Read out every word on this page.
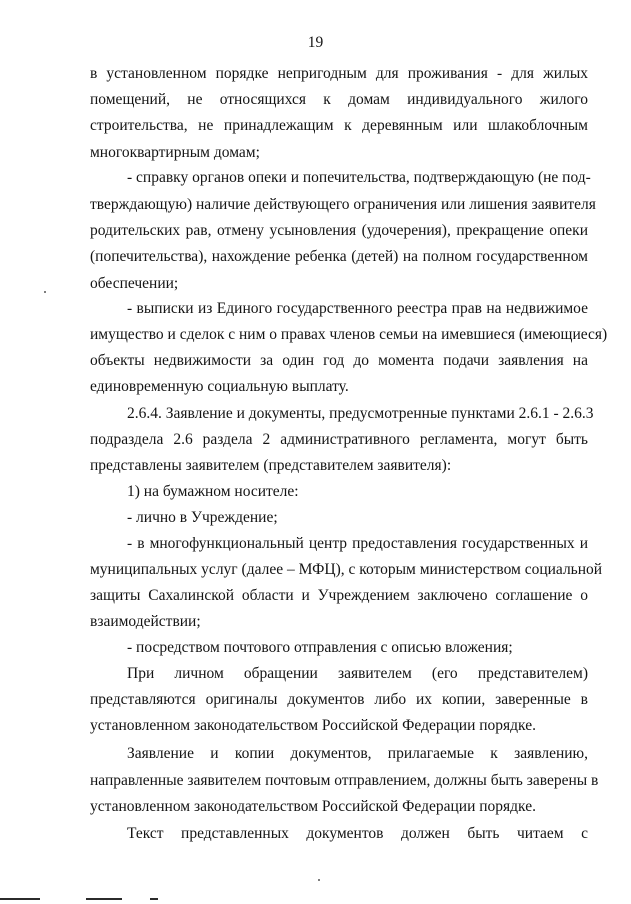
19
в установленном порядке непригодным для проживания - для жилых
помещений, не относящихся к домам индивидуального жилого
строительства, не принадлежащим к деревянным или шлакоблочным
многоквартирным домам;
- справку органов опеки и попечительства, подтверждающую (не под-
тверждающую) наличие действующего ограничения или лишения заявителя
родительских рав, отмену усыновления (удочерения), прекращение опеки
(попечительства), нахождение ребенка (детей) на полном государственном
обеспечении;
- выписки из Единого государственного реестра прав на недвижимое
имущество и сделок с ним о правах членов семьи на имевшиеся (имеющиеся)
объекты недвижимости за один год до момента подачи заявления на
единовременную социальную выплату.
2.6.4. Заявление и документы, предусмотренные пунктами 2.6.1 - 2.6.3
подраздела 2.6 раздела 2 административного регламента, могут быть
представлены заявителем (представителем заявителя):
1) на бумажном носителе:
- лично в Учреждение;
- в многофункциональный центр предоставления государственных и
муниципальных услуг (далее – МФЦ), с которым министерством социальной
защиты Сахалинской области и Учреждением заключено соглашение о
взаимодействии;
- посредством почтового отправления с описью вложения;
При личном обращении заявителем (его представителем)
представляются оригиналы документов либо их копии, заверенные в
установленном законодательством Российской Федерации порядке.
Заявление и копии документов, прилагаемые к заявлению,
направленные заявителем почтовым отправлением, должны быть заверены в
установленном законодательством Российской Федерации порядке.
Текст представленных документов должен быть читаем с
